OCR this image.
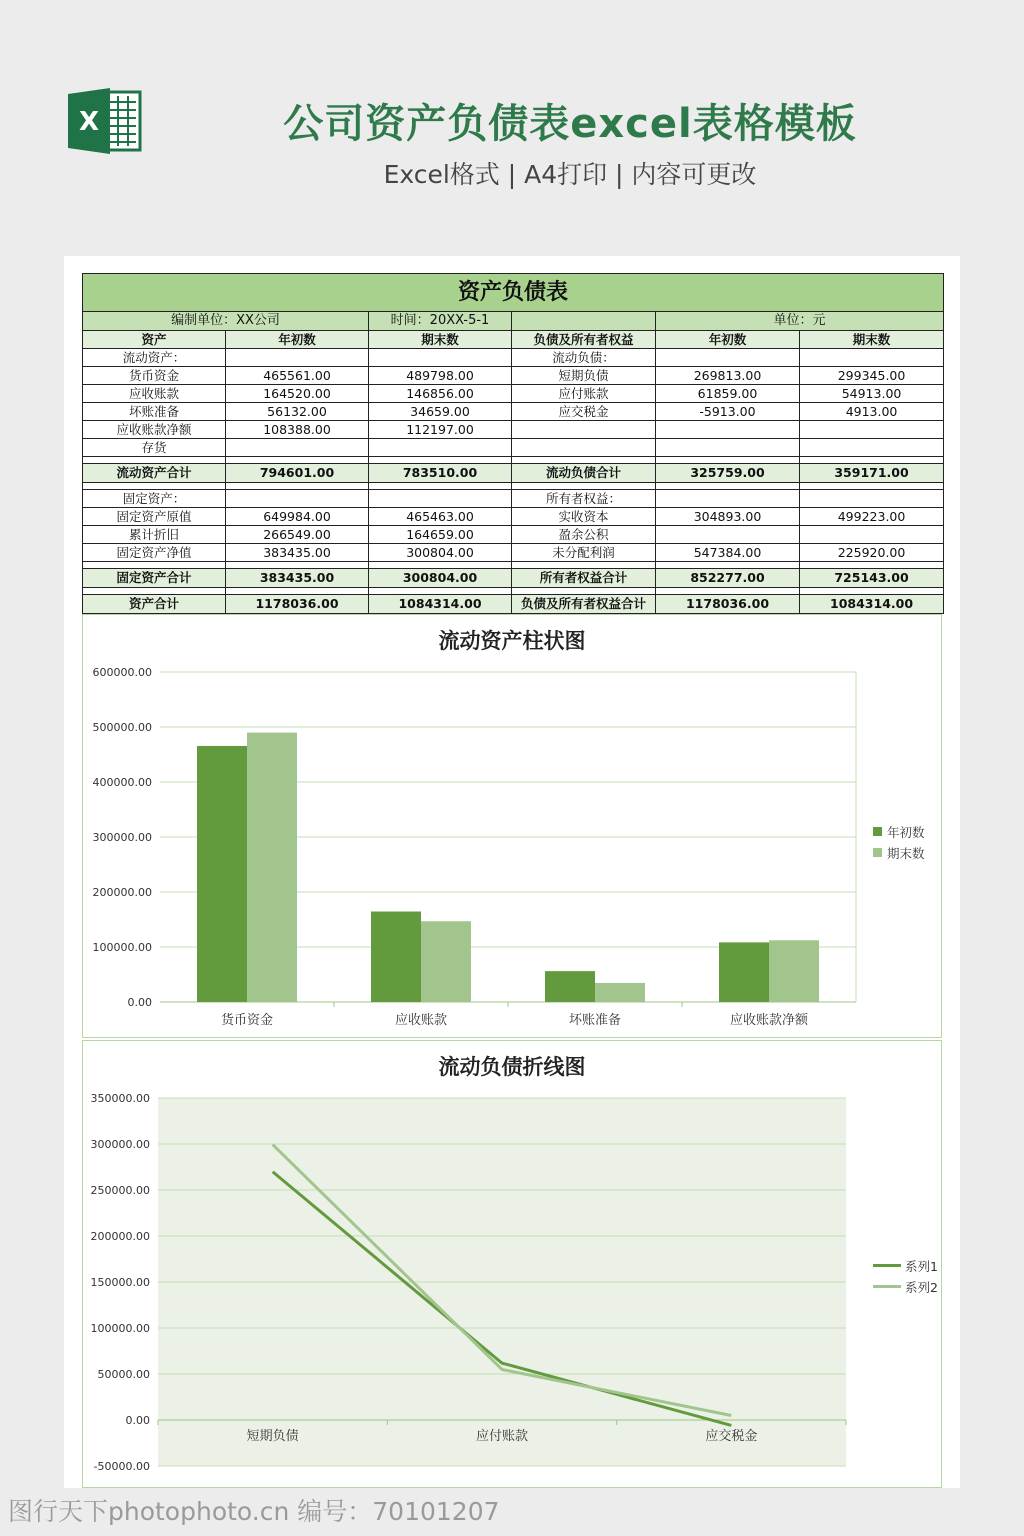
X	公司资产负债表excel表格模板
Excel格式 | A4打印 | 内容可更改
资产负债表					
编制单位：XX公司		时间：20XX-5-1		单位：元	
资产	年初数	期末数	负债及所有者权益	年初数	期末数
流动资产：			流动负债：		
货币资金	465561.00	489798.00	短期负债	269813.00	299345.00
应收账款	164520.00	146856.00	应付账款	61859.00	54913.00
坏账准备	56132.00	34659.00	应交税金	-5913.00	4913.00
应收账款净额	108388.00	112197.00			
存货					

流动资产合计	794601.00	783510.00	流动负债合计	325759.00	359171.00

固定资产：			所有者权益：		
固定资产原值	649984.00	465463.00	实收资本	304893.00	499223.00
累计折旧	266549.00	164659.00	盈余公积		
固定资产净值	383435.00	300804.00	未分配利润	547384.00	225920.00

固定资产合计	383435.00	300804.00	所有者权益合计	852277.00	725143.00

资产合计	1178036.00	1084314.00	负债及所有者权益合计	1178036.00	1084314.00
流动资产柱状图
600000.00
500000.00
400000.00
300000.00
200000.00
100000.00
0.00
货币资金	应收账款	坏账准备	应收账款净额
年初数
期末数
流动负债折线图
350000.00
300000.00
250000.00
200000.00
150000.00
100000.00
50000.00
0.00
-50000.00
短期负债	应付账款	应交税金
系列1
系列2
图行天下photophoto.cn 编号：70101207
